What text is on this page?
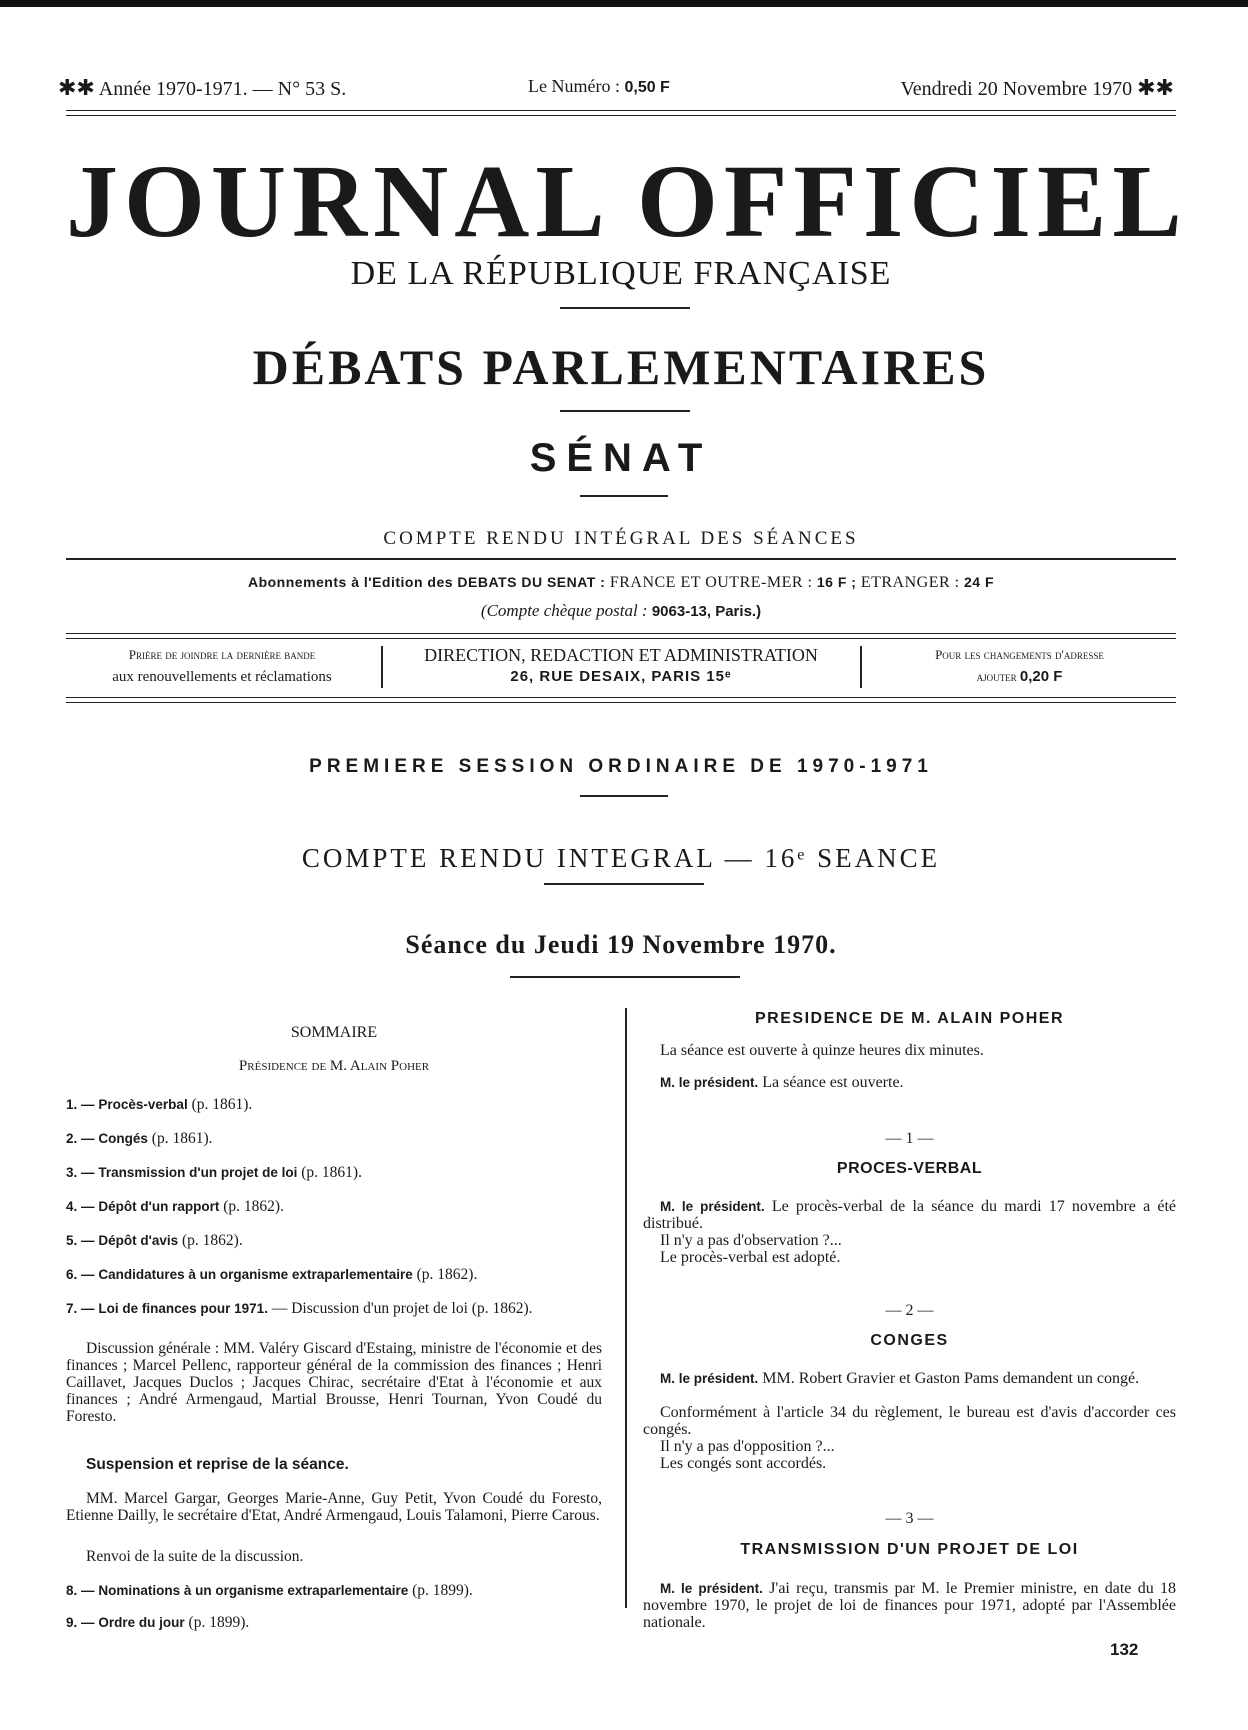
✱✱ Année 1970-1971. — N° 53 S.	Le Numéro : 0,50 F	Vendredi 20 Novembre 1970 ✱✱
JOURNAL OFFICIEL
DE LA RÉPUBLIQUE FRANÇAISE
DÉBATS PARLEMENTAIRES
SÉNAT
COMPTE RENDU INTÉGRAL DES SÉANCES
Abonnements à l'Edition des DEBATS DU SENAT : FRANCE ET OUTRE-MER : 16 F ; ETRANGER : 24 F
(Compte chèque postal : 9063-13, Paris.)
Prière de joindre la dernière bande
aux renouvellements et réclamations
DIRECTION, REDACTION ET ADMINISTRATION
26, RUE DESAIX, PARIS 15ᵉ
Pour les changements d'adresse
ajouter 0,20 F
PREMIERE SESSION ORDINAIRE DE 1970-1971
COMPTE RENDU INTEGRAL — 16ᵉ SEANCE
Séance du Jeudi 19 Novembre 1970.
SOMMAIRE
Présidence de M. Alain Poher
1. — Procès-verbal (p. 1861).
2. — Congés (p. 1861).
3. — Transmission d'un projet de loi (p. 1861).
4. — Dépôt d'un rapport (p. 1862).
5. — Dépôt d'avis (p. 1862).
6. — Candidatures à un organisme extraparlementaire (p. 1862).
7. — Loi de finances pour 1971. — Discussion d'un projet de loi (p. 1862).
Discussion générale : MM. Valéry Giscard d'Estaing, ministre de l'économie et des finances ; Marcel Pellenc, rapporteur général de la commission des finances ; Henri Caillavet, Jacques Duclos ; Jacques Chirac, secrétaire d'Etat à l'économie et aux finances ; André Armengaud, Martial Brousse, Henri Tournan, Yvon Coudé du Foresto.
Suspension et reprise de la séance.
MM. Marcel Gargar, Georges Marie-Anne, Guy Petit, Yvon Coudé du Foresto, Etienne Dailly, le secrétaire d'Etat, André Armengaud, Louis Talamoni, Pierre Carous.
Renvoi de la suite de la discussion.
8. — Nominations à un organisme extraparlementaire (p. 1899).
9. — Ordre du jour (p. 1899).
PRESIDENCE DE M. ALAIN POHER
La séance est ouverte à quinze heures dix minutes.
M. le président. La séance est ouverte.
— 1 —
PROCES-VERBAL
M. le président. Le procès-verbal de la séance du mardi 17 novembre a été distribué.
Il n'y a pas d'observation ?...
Le procès-verbal est adopté.
— 2 —
CONGES
M. le président. MM. Robert Gravier et Gaston Pams demandent un congé.
Conformément à l'article 34 du règlement, le bureau est d'avis d'accorder ces congés.
Il n'y a pas d'opposition ?...
Les congés sont accordés.
— 3 —
TRANSMISSION D'UN PROJET DE LOI
M. le président. J'ai reçu, transmis par M. le Premier ministre, en date du 18 novembre 1970, le projet de loi de finances pour 1971, adopté par l'Assemblée nationale.
132
